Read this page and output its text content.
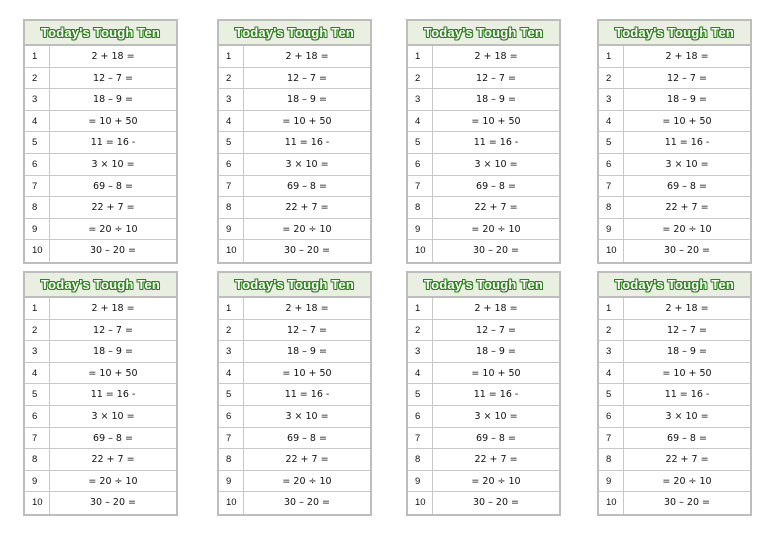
Today's Tough Ten
1	2 + 18 =
2	12 – 7 =
3	18 – 9 =
4	= 10 + 50
5	11 = 16 -
6	3 × 10 =
7	69 – 8 =
8	22 + 7 =
9	= 20 ÷ 10
10	30 – 20 =
Today's Tough Ten
1	2 + 18 =
2	12 – 7 =
3	18 – 9 =
4	= 10 + 50
5	11 = 16 -
6	3 × 10 =
7	69 – 8 =
8	22 + 7 =
9	= 20 ÷ 10
10	30 – 20 =
Today's Tough Ten
1	2 + 18 =
2	12 – 7 =
3	18 – 9 =
4	= 10 + 50
5	11 = 16 -
6	3 × 10 =
7	69 – 8 =
8	22 + 7 =
9	= 20 ÷ 10
10	30 – 20 =
Today's Tough Ten
1	2 + 18 =
2	12 – 7 =
3	18 – 9 =
4	= 10 + 50
5	11 = 16 -
6	3 × 10 =
7	69 – 8 =
8	22 + 7 =
9	= 20 ÷ 10
10	30 – 20 =
Today's Tough Ten
1	2 + 18 =
2	12 – 7 =
3	18 – 9 =
4	= 10 + 50
5	11 = 16 -
6	3 × 10 =
7	69 – 8 =
8	22 + 7 =
9	= 20 ÷ 10
10	30 – 20 =
Today's Tough Ten
1	2 + 18 =
2	12 – 7 =
3	18 – 9 =
4	= 10 + 50
5	11 = 16 -
6	3 × 10 =
7	69 – 8 =
8	22 + 7 =
9	= 20 ÷ 10
10	30 – 20 =
Today's Tough Ten
1	2 + 18 =
2	12 – 7 =
3	18 – 9 =
4	= 10 + 50
5	11 = 16 -
6	3 × 10 =
7	69 – 8 =
8	22 + 7 =
9	= 20 ÷ 10
10	30 – 20 =
Today's Tough Ten
1	2 + 18 =
2	12 – 7 =
3	18 – 9 =
4	= 10 + 50
5	11 = 16 -
6	3 × 10 =
7	69 – 8 =
8	22 + 7 =
9	= 20 ÷ 10
10	30 – 20 =
